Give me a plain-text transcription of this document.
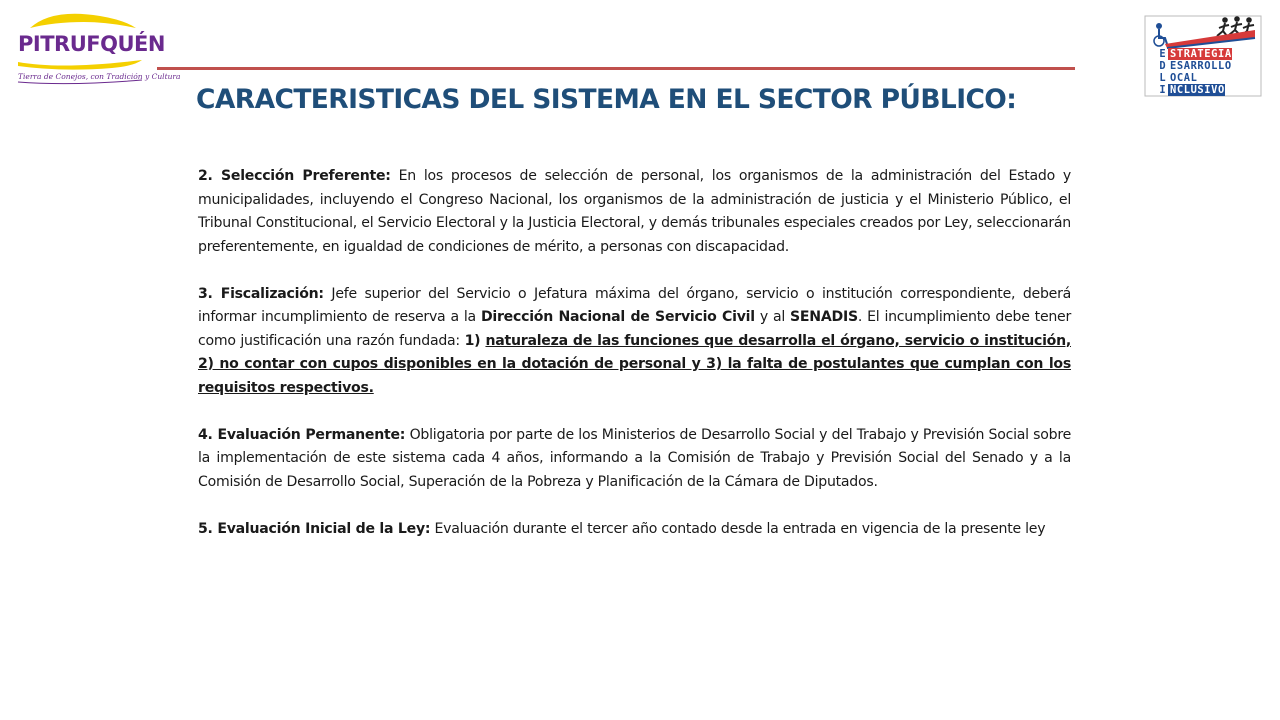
PITRUFQUÉN
Tierra de Conejos, con Tradición y Cultura
CARACTERISTICAS DEL SISTEMA EN EL SECTOR PÚBLICO:

2. Selección Preferente: En los procesos de selección de personal, los organismos de la administración del Estado y municipalidades, incluyendo el Congreso Nacional, los organismos de la administración de justicia y el Ministerio Público, el Tribunal Constitucional, el Servicio Electoral y la Justicia Electoral, y demás tribunales especiales creados por Ley, seleccionarán preferentemente, en igualdad de condiciones de mérito, a personas con discapacidad.

3. Fiscalización: Jefe superior del Servicio o Jefatura máxima del órgano, servicio o institución correspondiente, deberá informar incumplimiento de reserva a la Dirección Nacional de Servicio Civil y al SENADIS. El incumplimiento debe tener como justificación una razón fundada: 1) naturaleza de las funciones que desarrolla el órgano, servicio o institución, 2) no contar con cupos disponibles en la dotación de personal y 3) la falta de postulantes que cumplan con los requisitos respectivos.

4. Evaluación Permanente: Obligatoria por parte de los Ministerios de Desarrollo Social y del Trabajo y Previsión Social sobre la implementación de este sistema cada 4 años, informando a la Comisión de Trabajo y Previsión Social del Senado y a la Comisión de Desarrollo Social, Superación de la Pobreza y Planificación de la Cámara de Diputados.

5. Evaluación Inicial de la Ley: Evaluación durante el tercer año contado desde la entrada en vigencia de la presente ley

E STRATEGIA
D ESARROLLO
L OCAL
I NCLUSIVO
